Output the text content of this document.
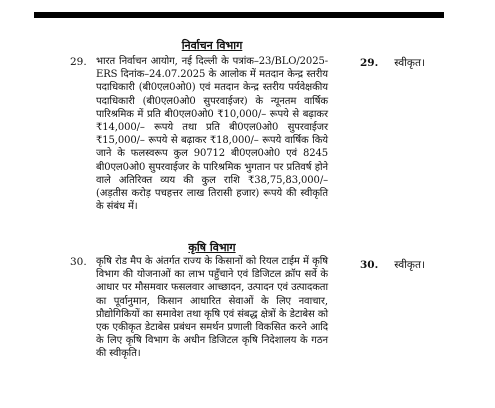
निर्वाचन विभाग
29. भारत निर्वाचन आयोग, नई दिल्ली के पत्रांक–23/BLO/2025-ERS दिनांक–24.07.2025 के आलोक में मतदान केन्द्र स्तरीय पदाधिकारी (बी0एल0ओ0) एवं मतदान केन्द्र स्तरीय पर्यवेक्षकीय पदाधिकारी (बी0एल0ओ0 सुपरवाईजर) के न्यूनतम वार्षिक पारिश्रमिक में प्रति बी0एल0ओ0 ₹10,000/– रूपये से बढ़ाकर ₹14,000/– रूपये तथा प्रति बी0एल0ओ0 सुपरवाईजर ₹15,000/– रूपये से बढ़ाकर ₹18,000/– रूपये वार्षिक किये जाने के फलस्वरूप कुल 90712 बी0एल0ओ0 एवं 8245 बी0एल0ओ0 सुपरवाईजर के पारिश्रमिक भुगतान पर प्रतिवर्ष होने वाले अतिरिक्त व्यय की कुल राशि ₹38,75,83,000/– (अड़तीस करोड़ पचहत्तर लाख तिरासी हजार) रूपये की स्वीकृति के संबंध में।
29. स्वीकृत।
कृषि विभाग
30. कृषि रोड मैप के अंतर्गत राज्य के किसानों को रियल टाईम में कृषि विभाग की योजनाओं का लाभ पहुँचाने एवं डिजिटल क्रॉप सर्वे के आधार पर मौसमवार फसलवार आच्छादन, उत्पादन एवं उत्पादकता का पूर्वानुमान, किसान आधारित सेवाओं के लिए नवाचार, प्रौद्योगिकियों का समावेश तथा कृषि एवं संबद्ध क्षेत्रों के डेटाबेस को एक एकीकृत डेटाबेस प्रबंधन समर्थन प्रणाली विकसित करने आदि के लिए कृषि विभाग के अधीन डिजिटल कृषि निदेशालय के गठन की स्वीकृति।
30. स्वीकृत।
